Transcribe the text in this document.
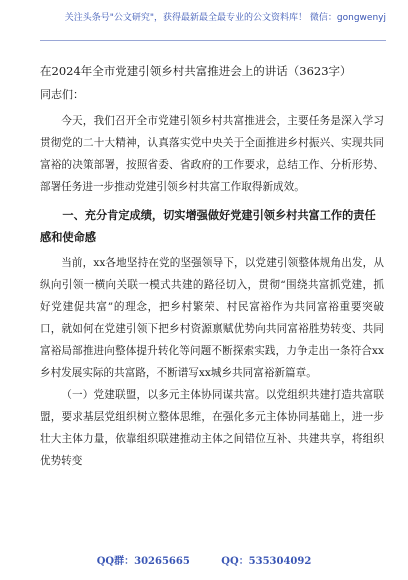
关注头条号"公文研究"，获得最新最全最专业的公文资料库！ 微信：gongwenyj

在2024年全市党建引领乡村共富推进会上的讲话（3623字）

同志们：

今天，我们召开全市党建引领乡村共富推进会，主要任务是深入学习贯彻党的二十大精神，认真落实党中央关于全面推进乡村振兴、实现共同富裕的决策部署，按照省委、省政府的工作要求，总结工作、分析形势、部署任务进一步推动党建引领乡村共富工作取得新成效。

一、充分肯定成绩，切实增强做好党建引领乡村共富工作的责任感和使命感

当前，xx各地坚持在党的坚强领导下，以党建引领整体规角出发，从纵向引领一横向关联一模式共建的路径切入，贯彻“围绕共富抓党建，抓好党建促共富”的理念，把乡村繁荣、村民富裕作为共同富裕重要突破口，就如何在党建引领下把乡村资源禀赋优势向共同富裕胜势转变、共同富裕局部推进向整体提升转化等问题不断探索实践，力争走出一条符合xx乡村发展实际的共富路，不断谱写xx城乡共同富裕新篇章。

（一）党建联盟，以多元主体协同谋共富。以党组织共建打造共富联盟，要求基层党组织树立整体思维，在强化多元主体协同基础上，进一步壮大主体力量，依靠组织联建推动主体之间错位互补、共建共享，将组织优势转变

QQ群：30265665	QQ：535304092
